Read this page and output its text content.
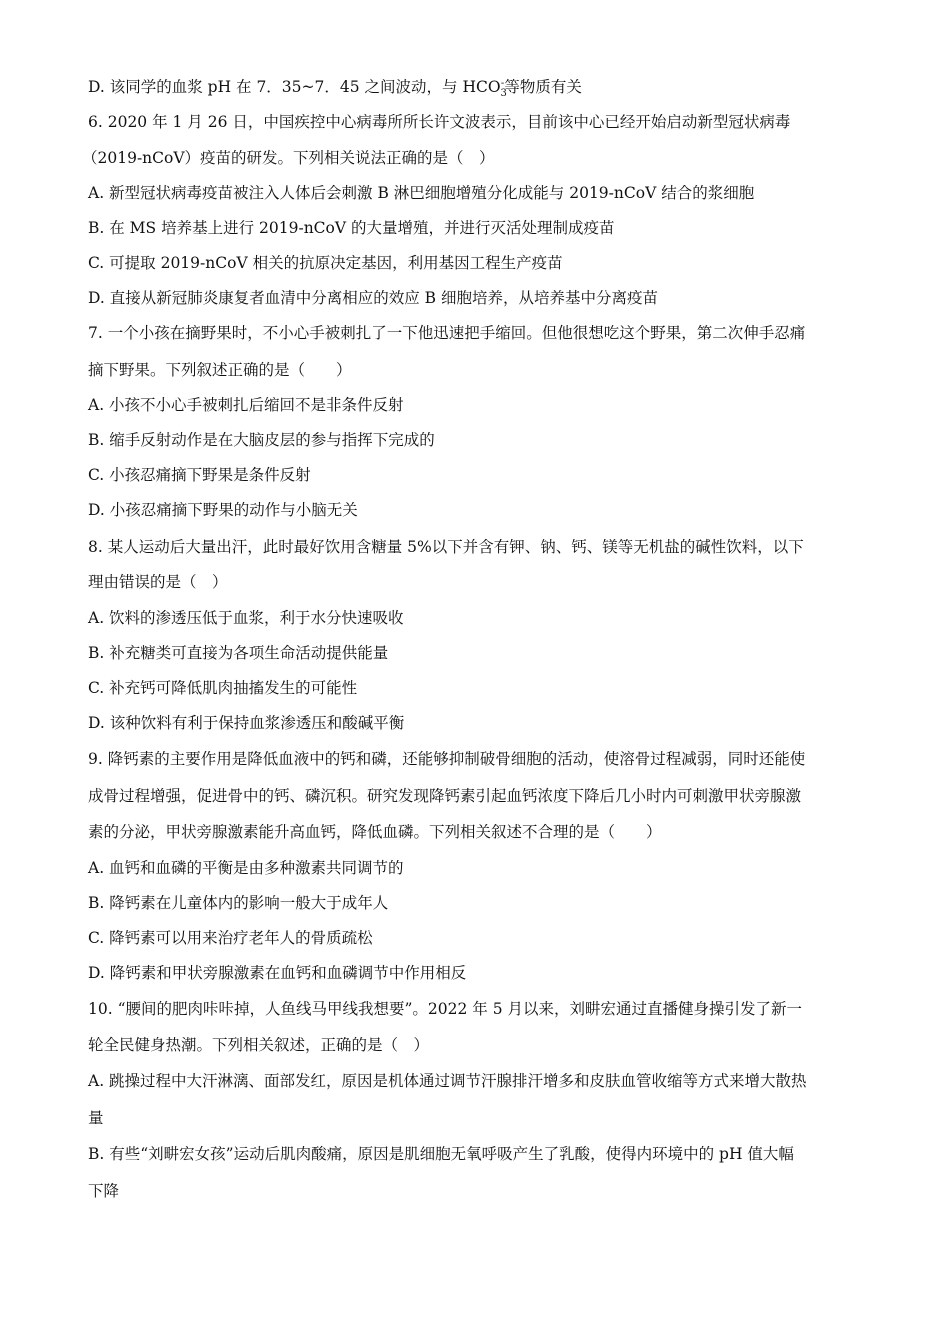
D. 该同学的血浆 pH 在 7．35~7．45 之间波动，与 $HCO_3^-$等物质有关
6. 2020 年 1 月 26 日，中国疾控中心病毒所所长许文波表示，目前该中心已经开始启动新型冠状病毒
（2019-nCoV）疫苗的研发。下列相关说法正确的是（　）
A. 新型冠状病毒疫苗被注入人体后会刺激 B 淋巴细胞增殖分化成能与 2019-nCoV 结合的浆细胞
B. 在 MS 培养基上进行 2019-nCoV 的大量增殖，并进行灭活处理制成疫苗
C. 可提取 2019-nCoV 相关的抗原决定基因，利用基因工程生产疫苗
D. 直接从新冠肺炎康复者血清中分离相应的效应 B 细胞培养，从培养基中分离疫苗
7. 一个小孩在摘野果时，不小心手被刺扎了一下他迅速把手缩回。但他很想吃这个野果，第二次伸手忍痛
摘下野果。下列叙述正确的是（　　）
A. 小孩不小心手被刺扎后缩回不是非条件反射
B. 缩手反射动作是在大脑皮层的参与指挥下完成的
C. 小孩忍痛摘下野果是条件反射
D. 小孩忍痛摘下野果的动作与小脑无关
8. 某人运动后大量出汗，此时最好饮用含糖量 5%以下并含有钾、钠、钙、镁等无机盐的碱性饮料，以下
理由错误的是（　）
A. 饮料的渗透压低于血浆，利于水分快速吸收
B. 补充糖类可直接为各项生命活动提供能量
C. 补充钙可降低肌肉抽搐发生的可能性
D. 该种饮料有利于保持血浆渗透压和酸碱平衡
9. 降钙素的主要作用是降低血液中的钙和磷，还能够抑制破骨细胞的活动，使溶骨过程减弱，同时还能使
成骨过程增强，促进骨中的钙、磷沉积。研究发现降钙素引起血钙浓度下降后几小时内可刺激甲状旁腺激
素的分泌，甲状旁腺激素能升高血钙，降低血磷。下列相关叙述不合理的是（　　）
A. 血钙和血磷的平衡是由多种激素共同调节的
B. 降钙素在儿童体内的影响一般大于成年人
C. 降钙素可以用来治疗老年人的骨质疏松
D. 降钙素和甲状旁腺激素在血钙和血磷调节中作用相反
10. “腰间的肥肉咔咔掉，人鱼线马甲线我想要”。2022 年 5 月以来，刘畊宏通过直播健身操引发了新一
轮全民健身热潮。下列相关叙述，正确的是（　）
A. 跳操过程中大汗淋漓、面部发红，原因是机体通过调节汗腺排汗增多和皮肤血管收缩等方式来增大散热
量
B. 有些“刘畊宏女孩”运动后肌肉酸痛，原因是肌细胞无氧呼吸产生了乳酸，使得内环境中的 pH 值大幅
下降
